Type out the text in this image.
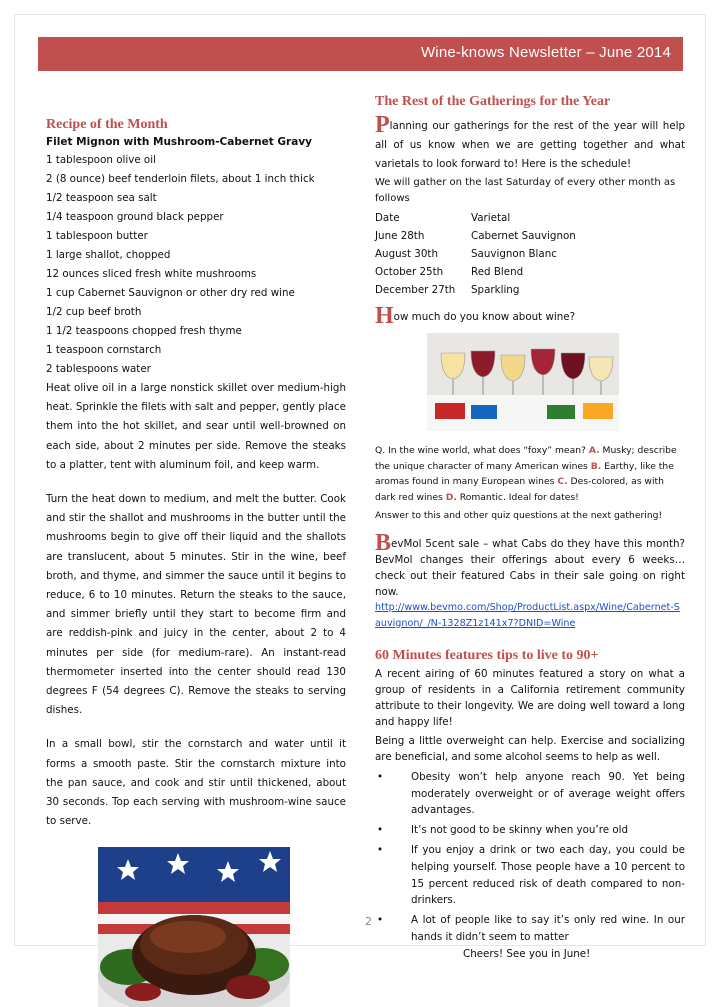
Wine-knows Newsletter – June 2014
Recipe of the Month
Filet Mignon with Mushroom-Cabernet Gravy

1 tablespoon olive oil

2 (8 ounce) beef tenderloin filets, about 1 inch thick

1/2 teaspoon sea salt

1/4 teaspoon ground black pepper

1 tablespoon butter

1 large shallot, chopped

12 ounces sliced fresh white mushrooms

1 cup Cabernet Sauvignon or other dry red wine

1/2 cup beef broth

1 1/2 teaspoons chopped fresh thyme

1 teaspoon cornstarch

2 tablespoons water

Heat olive oil in a large nonstick skillet over medium-high heat. Sprinkle the filets with salt and pepper, gently place them into the hot skillet, and sear until well-browned on each side, about 2 minutes per side. Remove the steaks to a platter, tent with aluminum foil, and keep warm.

Turn the heat down to medium, and melt the butter. Cook and stir the shallot and mushrooms in the butter until the mushrooms begin to give off their liquid and the shallots are translucent, about 5 minutes. Stir in the wine, beef broth, and thyme, and simmer the sauce until it begins to reduce, 6 to 10 minutes. Return the steaks to the sauce, and simmer briefly until they start to become firm and are reddish-pink and juicy in the center, about 2 to 4 minutes per side (for medium-rare). An instant-read thermometer inserted into the center should read 130 degrees F (54 degrees C). Remove the steaks to serving dishes.

In a small bowl, stir the cornstarch and water until it forms a smooth paste. Stir the cornstarch mixture into the pan sauce, and cook and stir until thickened, about 30 seconds. Top each serving with mushroom-wine sauce to serve.

The Rest of the Gatherings for the Year

Planning our gatherings for the rest of the year will help all of us know when we are getting together and what varietals to look forward to! Here is the schedule!

We will gather on the last Saturday of every other month as follows

Date	Varietal
June 28th	Cabernet Sauvignon
August 30th	Sauvignon Blanc
October 25th	Red Blend
December 27th	Sparkling

How much do you know about wine?

Q. In the wine world, what does “foxy” mean? A. Musky; describe the unique character of many American wines B. Earthy, like the aromas found in many European wines C. Des-colored, as with dark red wines D. Romantic. Ideal for dates!

Answer to this and other quiz questions at the next gathering!

BevMol 5cent sale – what Cabs do they have this month? BevMol changes their offerings about every 6 weeks… check out their featured Cabs in their sale going on right now.

http://www.bevmo.com/Shop/ProductList.aspx/Wine/Cabernet-Sauvignon/_/N-1328Z1z141x7?DNID=Wine
60 Minutes features tips to live to 90+

A recent airing of 60 minutes featured a story on what a group of residents in a California retirement community attribute to their longevity. We are doing well toward a long and happy life!

Being a little overweight can help. Exercise and socializing are beneficial, and some alcohol seems to help as well.

• Obesity won’t help anyone reach 90. Yet being moderately overweight or of average weight offers advantages.
• It’s not good to be skinny when you’re old
• If you enjoy a drink or two each day, you could be helping yourself. Those people have a 10 percent to 15 percent reduced risk of death compared to non-drinkers.
• A lot of people like to say it’s only red wine. In our hands it didn’t seem to matter
Cheers! See you in June!
2
